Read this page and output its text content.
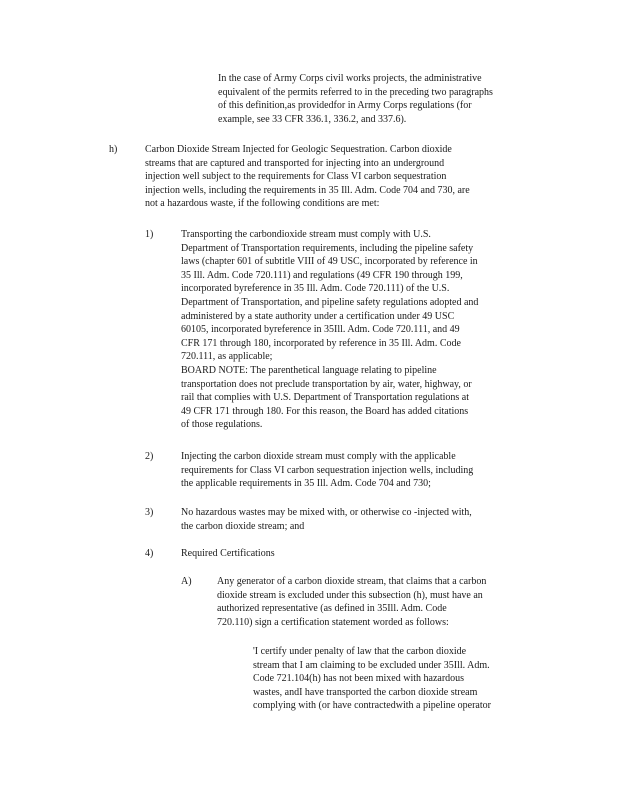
In the case of Army Corps civil works projects, the administrative

equivalent of the permits referred to in the preceding two paragraphs

of this definition,as providedfor in Army Corps regulations (for

example, see 33 CFR 336.1, 336.2, and 337.6).

h)	Carbon Dioxide Stream Injected for Geologic Sequestration. Carbon dioxide

streams that are captured and transported for injecting into an underground

injection well subject to the requirements for Class VI carbon sequestration

injection wells, including the requirements in 35 Ill. Adm. Code 704 and 730, are

not a hazardous waste, if the following conditions are met:

1)	Transporting the carbondioxide stream must comply with U.S.

Department of Transportation requirements, including the pipeline safety

laws (chapter 601 of subtitle VIII of 49 USC, incorporated by reference in

35 Ill. Adm. Code 720.111) and regulations (49 CFR 190 through 199,

incorporated byreference in 35 Ill. Adm. Code 720.111) of the U.S.

Department of Transportation, and pipeline safety regulations adopted and

administered by a state authority under a certification under 49 USC

60105, incorporated byreference in 35Ill. Adm. Code 720.111, and 49

CFR 171 through 180, incorporated by reference in 35 Ill. Adm. Code

720.111, as applicable;

BOARD NOTE: The parenthetical language relating to pipeline

transportation does not preclude transportation by air, water, highway, or

rail that complies with U.S. Department of Transportation regulations at

49 CFR 171 through 180. For this reason, the Board has added citations

of those regulations.

2)	Injecting the carbon dioxide stream must comply with the applicable

requirements for Class VI carbon sequestration injection wells, including

the applicable requirements in 35 Ill. Adm. Code 704 and 730;

3)	No hazardous wastes may be mixed with, or otherwise co -injected with,

the carbon dioxide stream; and

4)	Required Certifications

A)	Any generator of a carbon dioxide stream, that claims that a carbon

dioxide stream is excluded under this subsection (h), must have an

authorized representative (as defined in 35Ill. Adm. Code

720.110) sign a certification statement worded as follows:

'I certify under penalty of law that the carbon dioxide

stream that I am claiming to be excluded under 35Ill. Adm.

Code 721.104(h) has not been mixed with hazardous

wastes, andI have transported the carbon dioxide stream

complying with (or have contractedwith a pipeline operator
